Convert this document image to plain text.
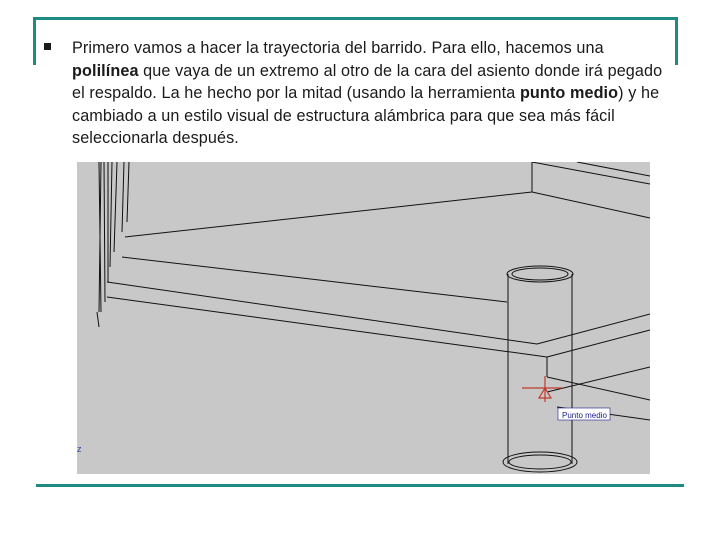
Primero vamos a hacer la trayectoria del barrido. Para ello, hacemos una polilínea que vaya de un extremo al otro de la cara del asiento donde irá pegado el respaldo. La he hecho por la mitad (usando la herramienta punto medio) y he cambiado a un estilo visual de estructura alámbrica para que sea más fácil seleccionarla después.
Punto medio
z
